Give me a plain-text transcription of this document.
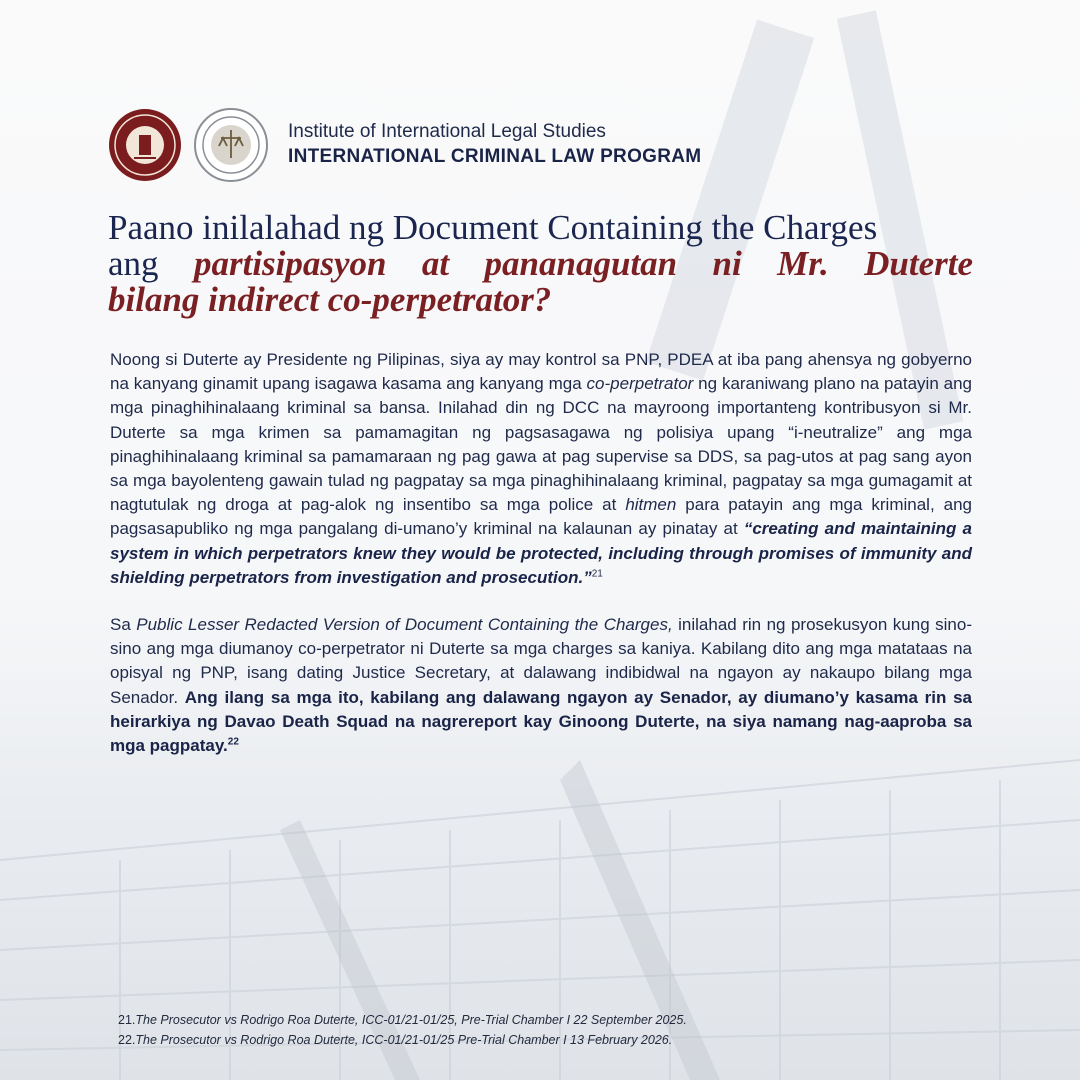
Institute of International Legal Studies
INTERNATIONAL CRIMINAL LAW PROGRAM
Paano inilalahad ng Document Containing the Charges
ang partisipasyon at pananagutan ni Mr. Duterte
bilang indirect co-perpetrator?

Noong si Duterte ay Presidente ng Pilipinas, siya ay may kontrol sa PNP, PDEA at iba pang ahensya ng gobyerno na kanyang ginamit upang isagawa kasama ang kanyang mga co-perpetrator ng karaniwang plano na patayin ang mga pinaghihinalaang kriminal sa bansa. Inilahad din ng DCC na mayroong importanteng kontribusyon si Mr. Duterte sa mga krimen sa pamamagitan ng pagsasagawa ng polisiya upang “i-neutralize” ang mga pinaghihinalaang kriminal sa pamamaraan ng pag gawa at pag supervise sa DDS, sa pag-utos at pag sang ayon sa mga bayolenteng gawain tulad ng pagpatay sa mga pinaghihinalaang kriminal, pagpatay sa mga gumagamit at nagtutulak ng droga at pag-alok ng insentibo sa mga police at hitmen para patayin ang mga kriminal, ang pagsasapubliko ng mga pangalang di-umano’y kriminal na kalaunan ay pinatay at “creating and maintaining a system in which perpetrators knew they would be protected, including through promises of immunity and shielding perpetrators from investigation and prosecution.”$^{21}$

Sa Public Lesser Redacted Version of Document Containing the Charges, inilahad rin ng prosekusyon kung sino-sino ang mga diumanoy co-perpetrator ni Duterte sa mga charges sa kaniya. Kabilang dito ang mga matataas na opisyal ng PNP, isang dating Justice Secretary, at dalawang indibidwal na ngayon ay nakaupo bilang mga Senador. Ang ilang sa mga ito, kabilang ang dalawang ngayon ay Senador, ay diumano’y kasama rin sa heirarkiya ng Davao Death Squad na nagrereport kay Ginoong Duterte, na siya namang nag-aaproba sa mga pagpatay.$^{22}$

21.The Prosecutor vs Rodrigo Roa Duterte, ICC-01/21-01/25, Pre-Trial Chamber I 22 September 2025.
22.The Prosecutor vs Rodrigo Roa Duterte, ICC-01/21-01/25 Pre-Trial Chamber I 13 February 2026.
